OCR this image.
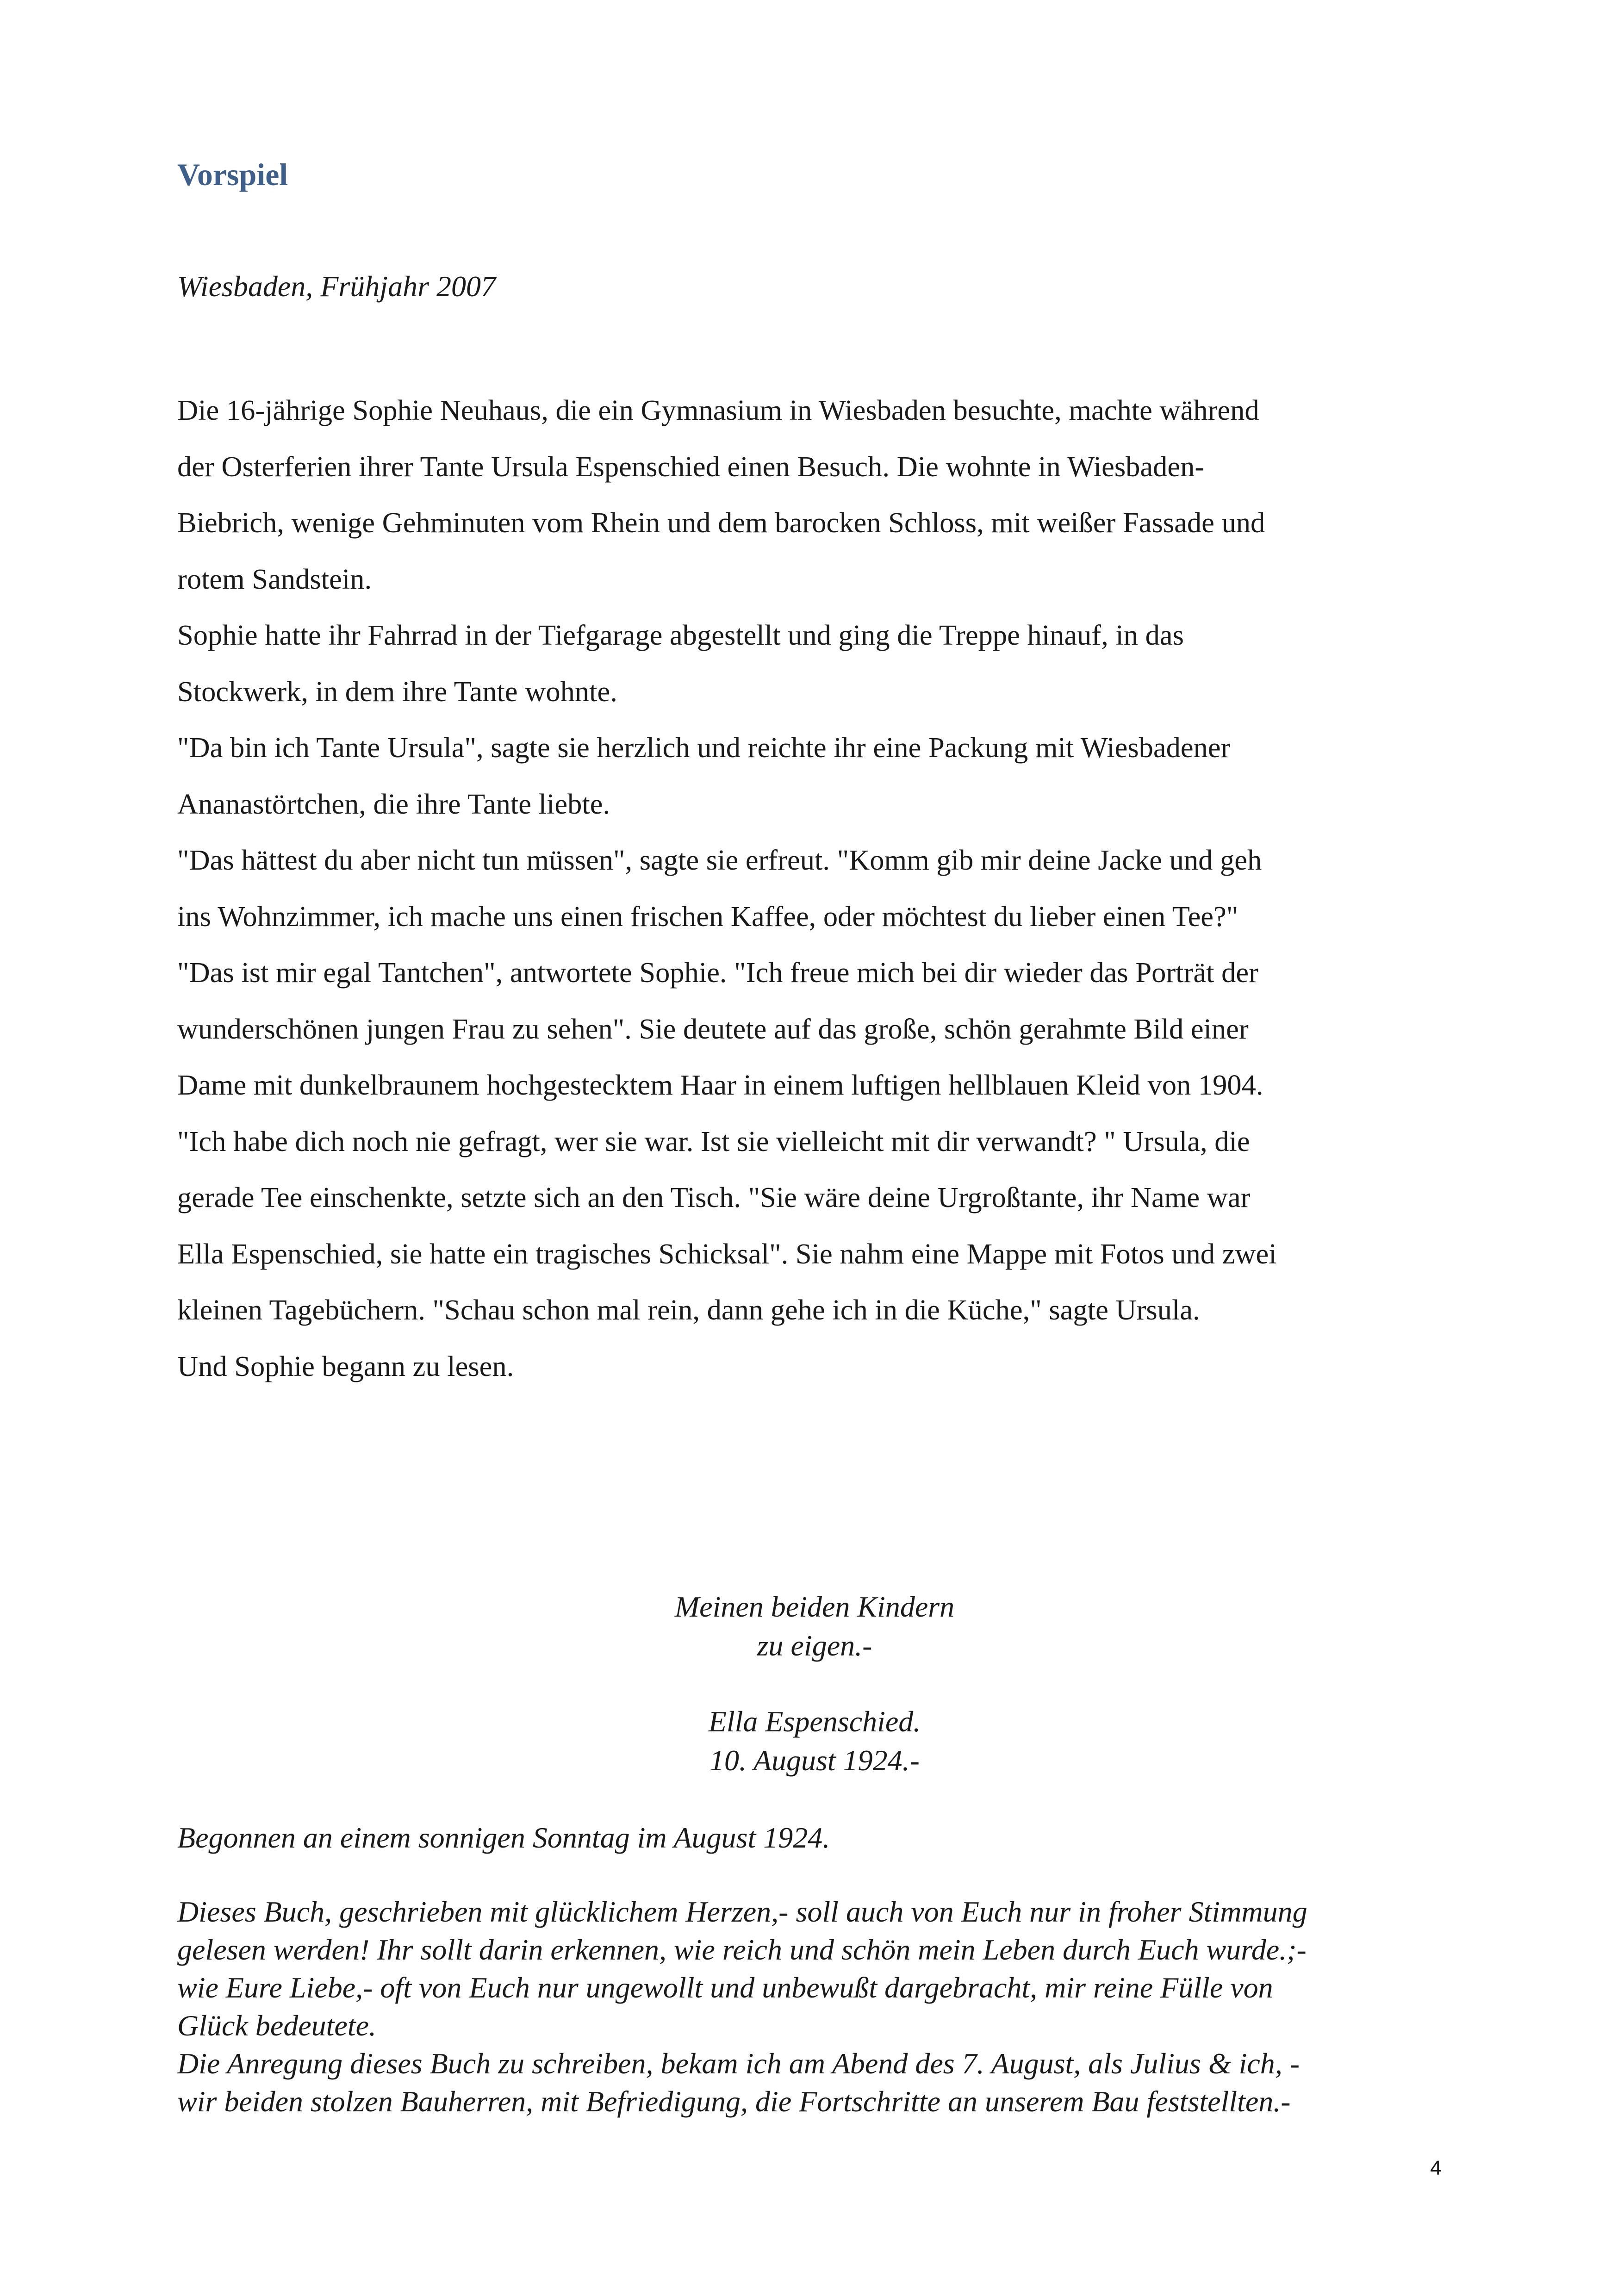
Vorspiel

Wiesbaden, Frühjahr 2007

Die 16-jährige Sophie Neuhaus, die ein Gymnasium in Wiesbaden besuchte, machte während

der Osterferien ihrer Tante Ursula Espenschied einen Besuch. Die wohnte in Wiesbaden-

Biebrich, wenige Gehminuten vom Rhein und dem barocken Schloss, mit weißer Fassade und

rotem Sandstein.

Sophie hatte ihr Fahrrad in der Tiefgarage abgestellt und ging die Treppe hinauf, in das

Stockwerk, in dem ihre Tante wohnte.

"Da bin ich Tante Ursula", sagte sie herzlich und reichte ihr eine Packung mit Wiesbadener

Ananastörtchen, die ihre Tante liebte.

"Das hättest du aber nicht tun müssen", sagte sie erfreut. "Komm gib mir deine Jacke und geh

ins Wohnzimmer, ich mache uns einen frischen Kaffee, oder möchtest du lieber einen Tee?"

"Das ist mir egal Tantchen", antwortete Sophie. "Ich freue mich bei dir wieder das Porträt der

wunderschönen jungen Frau zu sehen". Sie deutete auf das große, schön gerahmte Bild einer

Dame mit dunkelbraunem hochgestecktem Haar in einem luftigen hellblauen Kleid von 1904.

"Ich habe dich noch nie gefragt, wer sie war. Ist sie vielleicht mit dir verwandt? " Ursula, die

gerade Tee einschenkte, setzte sich an den Tisch. "Sie wäre deine Urgroßtante, ihr Name war

Ella Espenschied, sie hatte ein tragisches Schicksal". Sie nahm eine Mappe mit Fotos und zwei

kleinen Tagebüchern. "Schau schon mal rein, dann gehe ich in die Küche," sagte Ursula.

Und Sophie begann zu lesen.

Meinen beiden Kindern

zu eigen.-

Ella Espenschied.

10. August 1924.-

Begonnen an einem sonnigen Sonntag im August 1924.

Dieses Buch, geschrieben mit glücklichem Herzen,- soll auch von Euch nur in froher Stimmung

gelesen werden! Ihr sollt darin erkennen, wie reich und schön mein Leben durch Euch wurde.;-

wie Eure Liebe,- oft von Euch nur ungewollt und unbewußt dargebracht, mir reine Fülle von

Glück bedeutete.

Die Anregung dieses Buch zu schreiben, bekam ich am Abend des 7. August, als Julius & ich, -

wir beiden stolzen Bauherren, mit Befriedigung, die Fortschritte an unserem Bau feststellten.-

4
